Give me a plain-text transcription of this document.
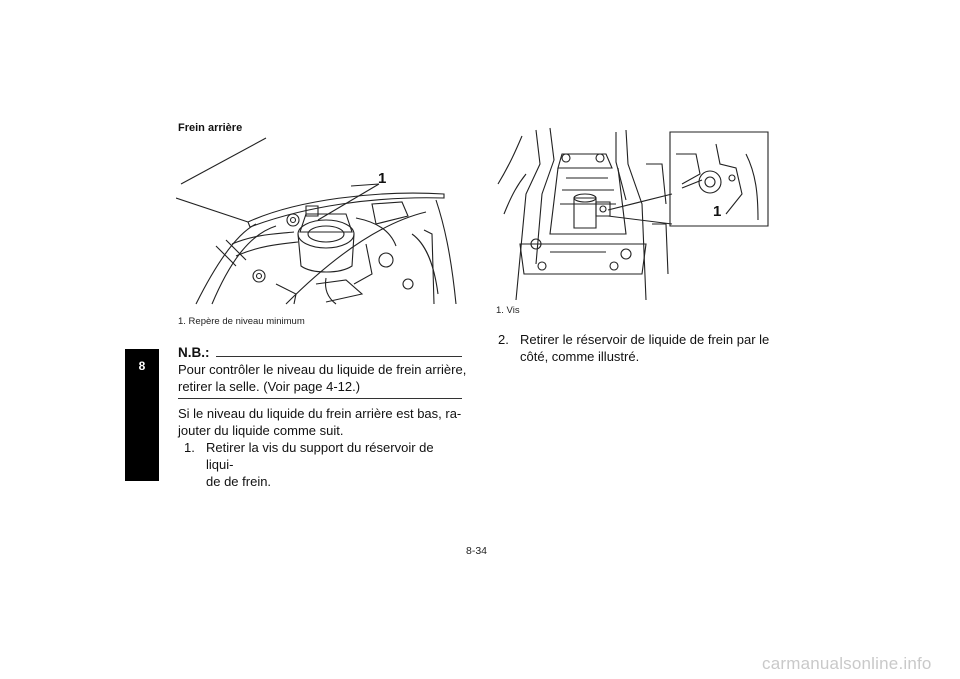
8
Frein arrière
1
1. Repère de niveau minimum
N.B.:
Pour contrôler le niveau du liquide de frein arrière,
retirer la selle. (Voir page 4-12.)
Si le niveau du liquide du frein arrière est bas, ra-
jouter du liquide comme suit.
1. Retirer la vis du support du réservoir de liqui-
de de frein.
1
1. Vis
2. Retirer le réservoir de liquide de frein par le
côté, comme illustré.
8-34
carmanualsonline.info
